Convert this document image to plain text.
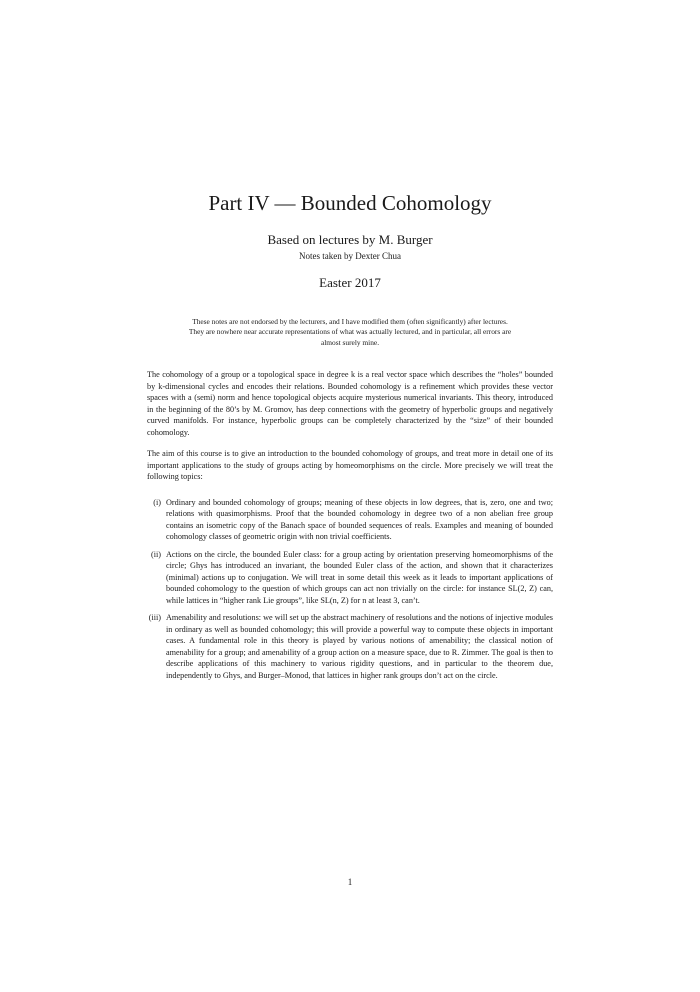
Part IV — Bounded Cohomology
Based on lectures by M. Burger
Notes taken by Dexter Chua
Easter 2017
These notes are not endorsed by the lecturers, and I have modified them (often significantly) after lectures. They are nowhere near accurate representations of what was actually lectured, and in particular, all errors are almost surely mine.

The cohomology of a group or a topological space in degree k is a real vector space which describes the “holes” bounded by k-dimensional cycles and encodes their relations. Bounded cohomology is a refinement which provides these vector spaces with a (semi) norm and hence topological objects acquire mysterious numerical invariants. This theory, introduced in the beginning of the 80’s by M. Gromov, has deep connections with the geometry of hyperbolic groups and negatively curved manifolds. For instance, hyperbolic groups can be completely characterized by the “size” of their bounded cohomology.

The aim of this course is to give an introduction to the bounded cohomology of groups, and treat more in detail one of its important applications to the study of groups acting by homeomorphisms on the circle. More precisely we will treat the following topics:

(i) Ordinary and bounded cohomology of groups; meaning of these objects in low degrees, that is, zero, one and two; relations with quasimorphisms. Proof that the bounded cohomology in degree two of a non abelian free group contains an isometric copy of the Banach space of bounded sequences of reals. Examples and meaning of bounded cohomology classes of geometric origin with non trivial coefficients.
(ii) Actions on the circle, the bounded Euler class: for a group acting by orientation preserving homeomorphisms of the circle; Ghys has introduced an invariant, the bounded Euler class of the action, and shown that it characterizes (minimal) actions up to conjugation. We will treat in some detail this week as it leads to important applications of bounded cohomology to the question of which groups can act non trivially on the circle: for instance SL(2, Z) can, while lattices in “higher rank Lie groups”, like SL(n, Z) for n at least 3, can’t.
(iii) Amenability and resolutions: we will set up the abstract machinery of resolutions and the notions of injective modules in ordinary as well as bounded cohomology; this will provide a powerful way to compute these objects in important cases. A fundamental role in this theory is played by various notions of amenability; the classical notion of amenability for a group; and amenability of a group action on a measure space, due to R. Zimmer. The goal is then to describe applications of this machinery to various rigidity questions, and in particular to the theorem due, independently to Ghys, and Burger–Monod, that lattices in higher rank groups don’t act on the circle.
1
